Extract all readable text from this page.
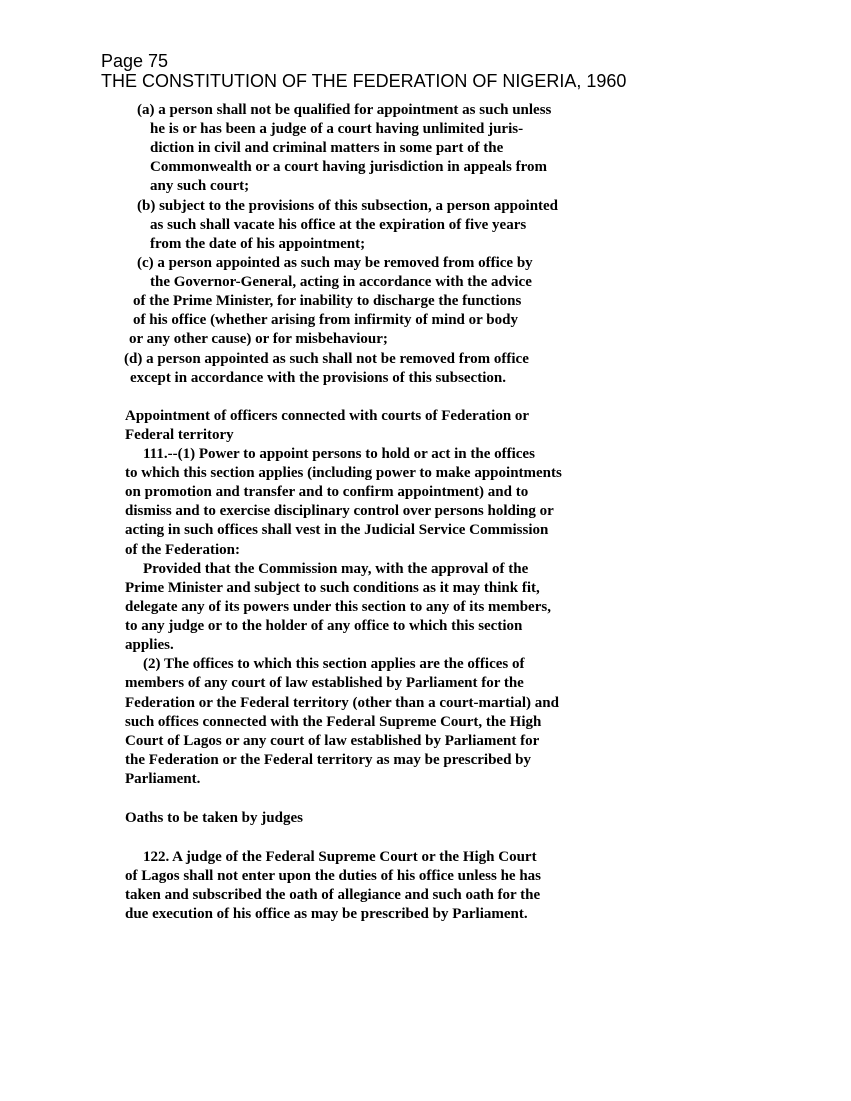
Page 75
THE CONSTITUTION OF THE FEDERATION OF NIGERIA, 1960
(a) a person shall not be qualified for appointment as such unless
he is or has been a judge of a court having unlimited juris-
diction in civil and criminal matters in some part of the
Commonwealth or a court having jurisdiction in appeals from
any such court;
(b) subject to the provisions of this subsection, a person appointed
as such shall vacate his office at the expiration of five years
from the date of his appointment;
(c) a person appointed as such may be removed from office by
the Governor-General, acting in accordance with the advice
of the Prime Minister, for inability to discharge the functions
of his office (whether arising from infirmity of mind or body
or any other cause) or for misbehaviour;
(d) a person appointed as such shall not be removed from office
except in accordance with the provisions of this subsection.
Appointment of officers connected with courts of Federation or
Federal territory
111.--(1) Power to appoint persons to hold or act in the offices
to which this section applies (including power to make appointments
on promotion and transfer and to confirm appointment) and to
dismiss and to exercise disciplinary control over persons holding or
acting in such offices shall vest in the Judicial Service Commission
of the Federation:
Provided that the Commission may, with the approval of the
Prime Minister and subject to such conditions as it may think fit,
delegate any of its powers under this section to any of its members,
to any judge or to the holder of any office to which this section
applies.
(2) The offices to which this section applies are the offices of
members of any court of law established by Parliament for the
Federation or the Federal territory (other than a court-martial) and
such offices connected with the Federal Supreme Court, the High
Court of Lagos or any court of law established by Parliament for
the Federation or the Federal territory as may be prescribed by
Parliament.
Oaths to be taken by judges
122. A judge of the Federal Supreme Court or the High Court
of Lagos shall not enter upon the duties of his office unless he has
taken and subscribed the oath of allegiance and such oath for the
due execution of his office as may be prescribed by Parliament.
